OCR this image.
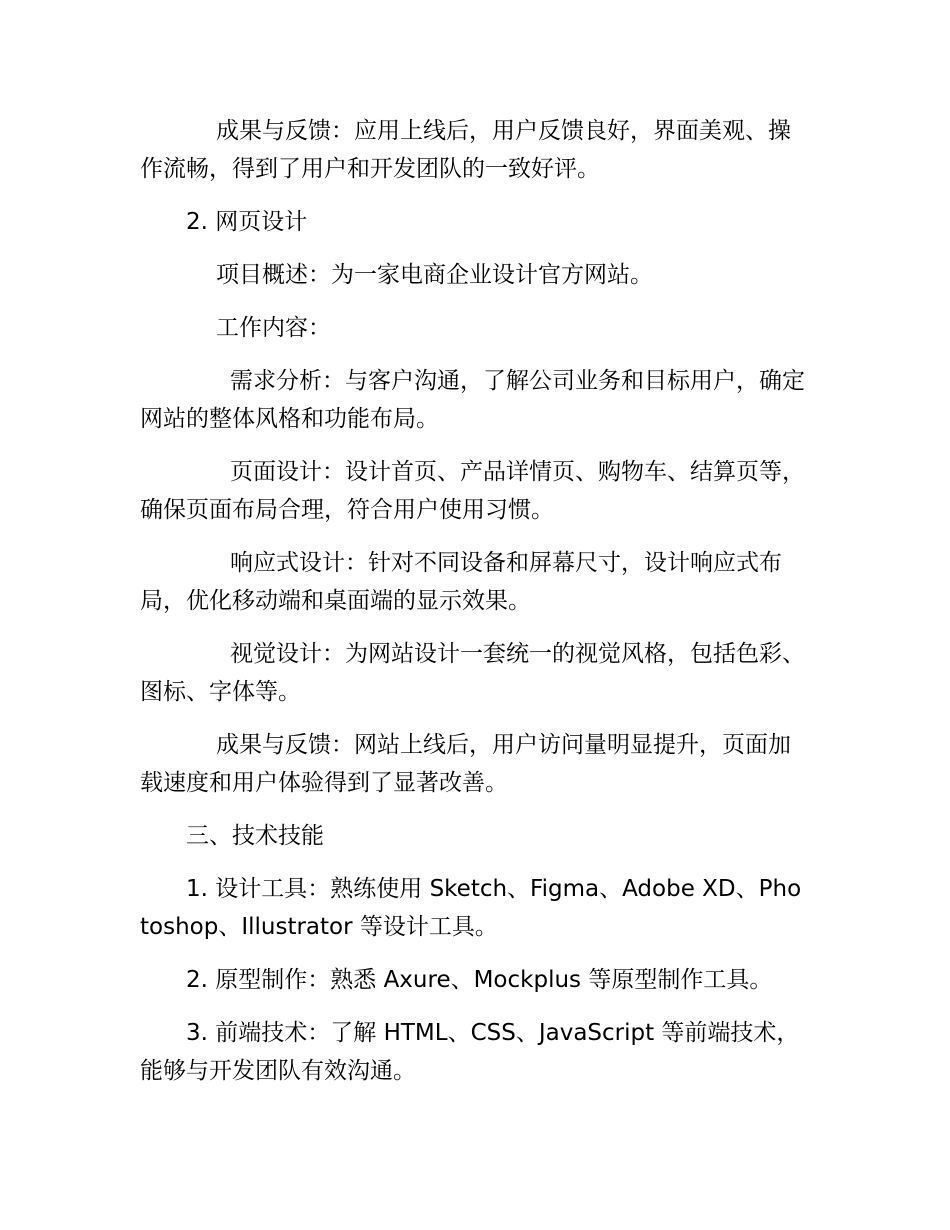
成果与反馈：应用上线后，用户反馈良好，界面美观、操作流畅，得到了用户和开发团队的一致好评。

2. 网页设计

项目概述：为一家电商企业设计官方网站。

工作内容：

需求分析：与客户沟通，了解公司业务和目标用户，确定网站的整体风格和功能布局。

页面设计：设计首页、产品详情页、购物车、结算页等，确保页面布局合理，符合用户使用习惯。

响应式设计：针对不同设备和屏幕尺寸，设计响应式布局，优化移动端和桌面端的显示效果。

视觉设计：为网站设计一套统一的视觉风格，包括色彩、图标、字体等。

成果与反馈：网站上线后，用户访问量明显提升，页面加载速度和用户体验得到了显著改善。

三、技术技能

1. 设计工具：熟练使用 Sketch、Figma、Adobe XD、Photoshop、Illustrator 等设计工具。

2. 原型制作：熟悉 Axure、Mockplus 等原型制作工具。

3. 前端技术：了解 HTML、CSS、JavaScript 等前端技术，能够与开发团队有效沟通。
